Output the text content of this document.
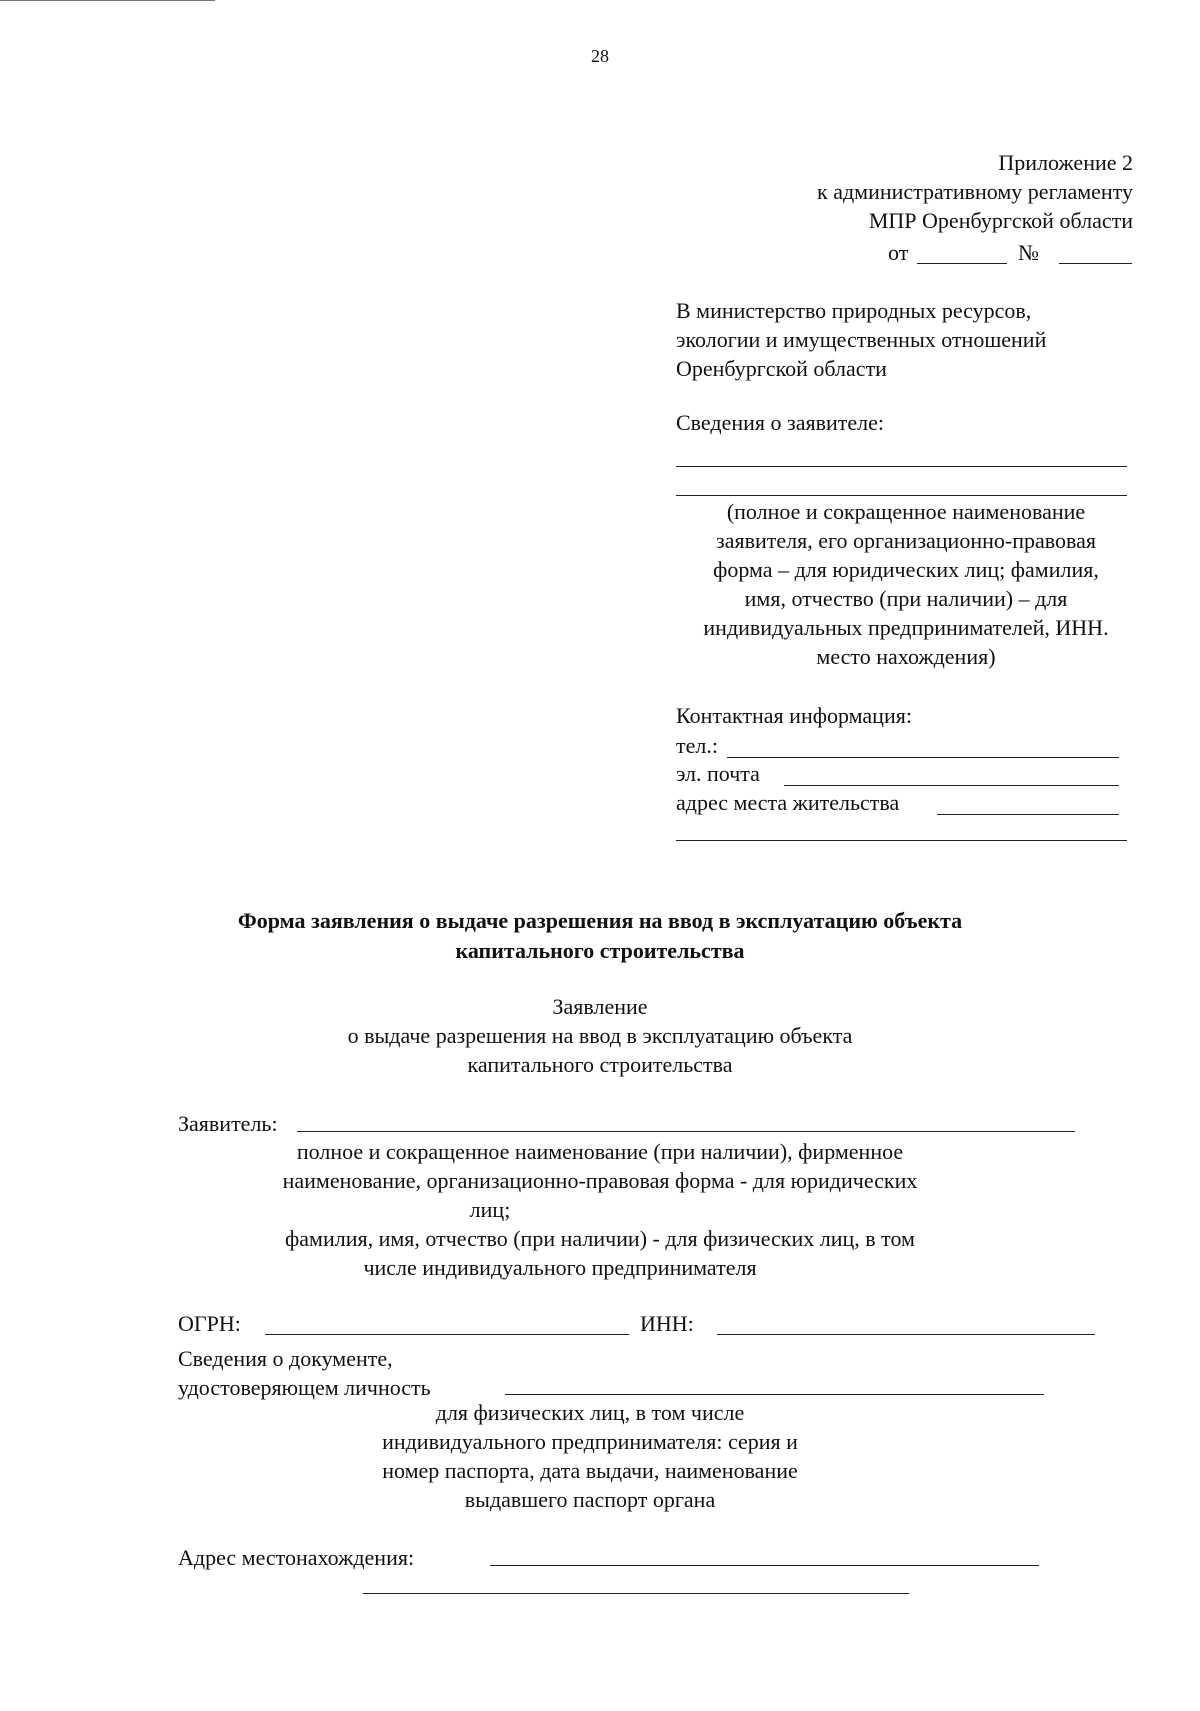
28
Приложение 2
к административному регламенту
МПР Оренбургской области
от	№
В министерство природных ресурсов,
экологии и имущественных отношений
Оренбургской области
Сведения о заявителе:
(полное и сокращенное наименование
заявителя, его организационно-правовая
форма – для юридических лиц; фамилия,
имя, отчество (при наличии) – для
индивидуальных предпринимателей, ИНН.
место нахождения)
Контактная информация:
тел.:
эл. почта
адрес места жительства
Форма заявления о выдаче разрешения на ввод в эксплуатацию объекта
капитального строительства
Заявление
о выдаче разрешения на ввод в эксплуатацию объекта
капитального строительства
Заявитель:
полное и сокращенное наименование (при наличии), фирменное
наименование, организационно-правовая форма - для юридических
лиц;
фамилия, имя, отчество (при наличии) - для физических лиц, в том
числе индивидуального предпринимателя
ОГРН:	ИНН:
Сведения о документе,
удостоверяющем личность
для физических лиц, в том числе
индивидуального предпринимателя: серия и
номер паспорта, дата выдачи, наименование
выдавшего паспорт органа
Адрес местонахождения:
